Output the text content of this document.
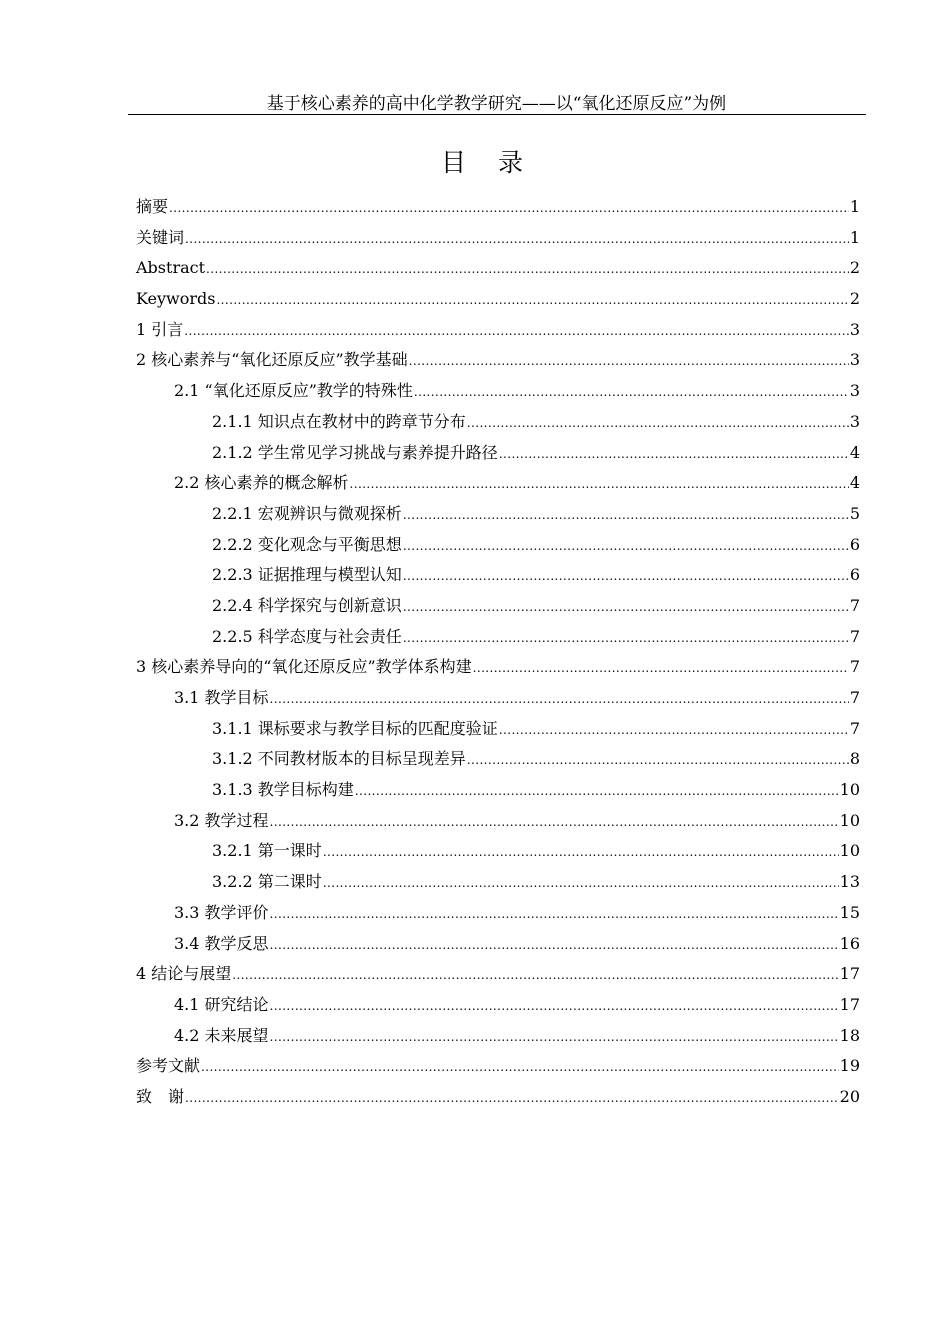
基于核心素养的高中化学教学研究——以“氧化还原反应”为例
目录
摘要 .....	1
关键词 .....	1
Abstract .....	2
Keywords .....	2
1 引言 .....	3
2 核心素养与“氧化还原反应”教学基础 .....	3
2.1 “氧化还原反应”教学的特殊性 .....	3
2.1.1 知识点在教材中的跨章节分布 .....	3
2.1.2 学生常见学习挑战与素养提升路径 .....	4
2.2 核心素养的概念解析 .....	4
2.2.1 宏观辨识与微观探析 .....	5
2.2.2 变化观念与平衡思想 .....	6
2.2.3 证据推理与模型认知 .....	6
2.2.4 科学探究与创新意识 .....	7
2.2.5 科学态度与社会责任 .....	7
3 核心素养导向的“氧化还原反应”教学体系构建 .....	7
3.1 教学目标 .....	7
3.1.1 课标要求与教学目标的匹配度验证 .....	7
3.1.2 不同教材版本的目标呈现差异 .....	8
3.1.3 教学目标构建 .....	10
3.2 教学过程 .....	10
3.2.1 第一课时 .....	10
3.2.2 第二课时 .....	13
3.3 教学评价 .....	15
3.4 教学反思 .....	16
4 结论与展望 .....	17
4.1 研究结论 .....	17
4.2 未来展望 .....	18
参考文献 .....	19
致　谢 .....	20
